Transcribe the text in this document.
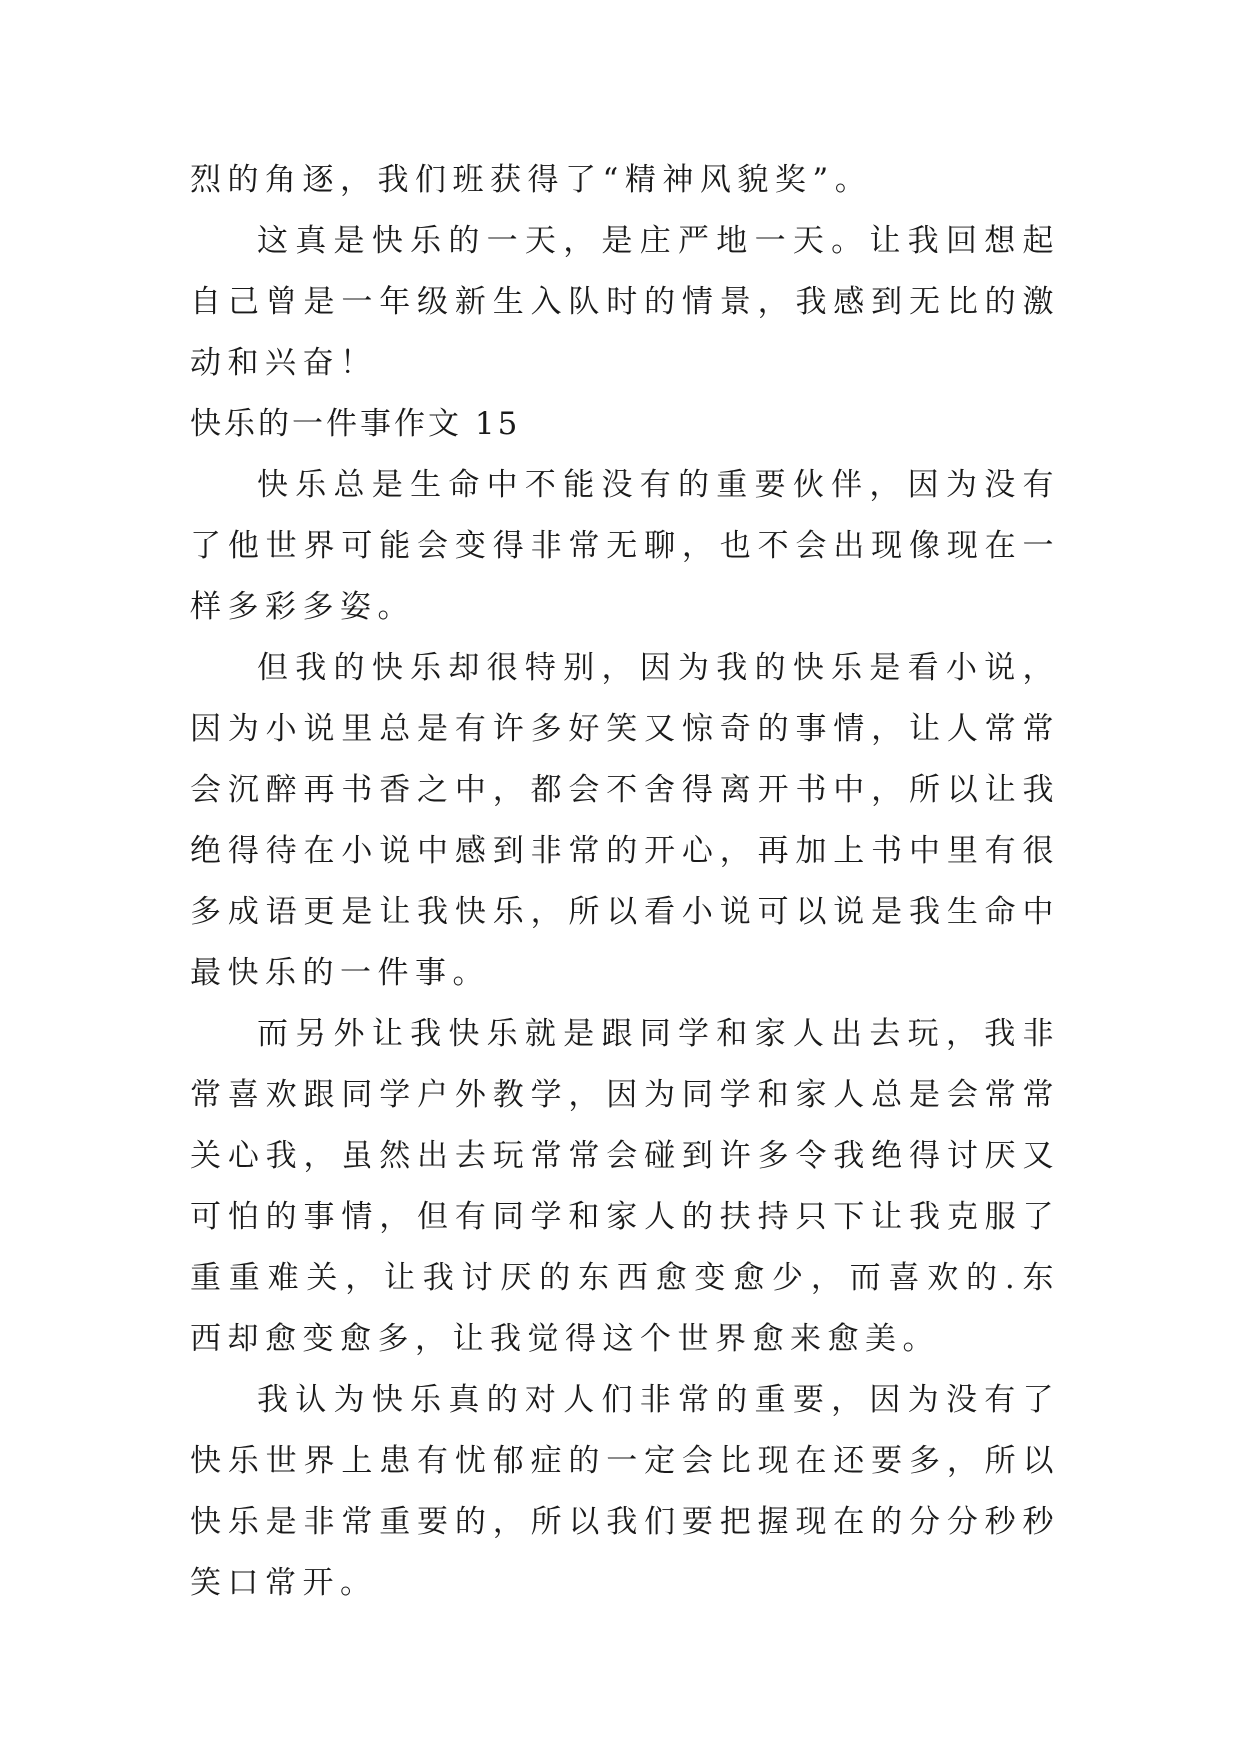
烈的角逐，我们班获得了“精神风貌奖”。

这真是快乐的一天，是庄严地一天。让我回想起自己曾是一年级新生入队时的情景，我感到无比的激动和兴奋！

快乐的一件事作文 15

快乐总是生命中不能没有的重要伙伴，因为没有了他世界可能会变得非常无聊，也不会出现像现在一样多彩多姿。

但我的快乐却很特别，因为我的快乐是看小说，因为小说里总是有许多好笑又惊奇的事情，让人常常会沉醉再书香之中，都会不舍得离开书中，所以让我绝得待在小说中感到非常的开心，再加上书中里有很多成语更是让我快乐，所以看小说可以说是我生命中最快乐的一件事。

而另外让我快乐就是跟同学和家人出去玩，我非常喜欢跟同学户外教学，因为同学和家人总是会常常关心我，虽然出去玩常常会碰到许多令我绝得讨厌又可怕的事情，但有同学和家人的扶持只下让我克服了重重难关，让我讨厌的东西愈变愈少，而喜欢的.东西却愈变愈多，让我觉得这个世界愈来愈美。

我认为快乐真的对人们非常的重要，因为没有了快乐世界上患有忧郁症的一定会比现在还要多，所以快乐是非常重要的，所以我们要把握现在的分分秒秒笑口常开。
